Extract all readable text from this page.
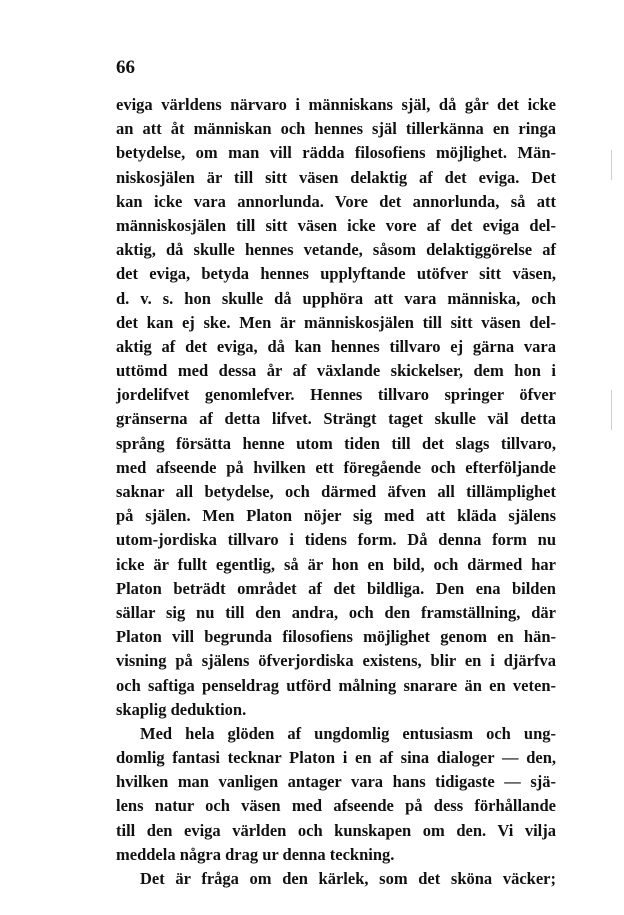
66
eviga världens närvaro i människans själ, då går det icke
an att åt människan och hennes själ tillerkänna en ringa
betydelse, om man vill rädda filosofiens möjlighet. Män-
niskosjälen är till sitt väsen delaktig af det eviga. Det
kan icke vara annorlunda. Vore det annorlunda, så att
människosjälen till sitt väsen icke vore af det eviga del-
aktig, då skulle hennes vetande, såsom delaktiggörelse af
det eviga, betyda hennes upplyftande utöfver sitt väsen,
d. v. s. hon skulle då upphöra att vara människa, och
det kan ej ske. Men är människosjälen till sitt väsen del-
aktig af det eviga, då kan hennes tillvaro ej gärna vara
uttömd med dessa år af växlande skickelser, dem hon i
jordelifvet genomlefver. Hennes tillvaro springer öfver
gränserna af detta lifvet. Strängt taget skulle väl detta
språng försätta henne utom tiden till det slags tillvaro,
med afseende på hvilken ett föregående och efterföljande
saknar all betydelse, och därmed äfven all tillämplighet
på själen. Men Platon nöjer sig med att kläda själens
utom-jordiska tillvaro i tidens form. Då denna form nu
icke är fullt egentlig, så är hon en bild, och därmed har
Platon beträdt området af det bildliga. Den ena bilden
sällar sig nu till den andra, och den framställning, där
Platon vill begrunda filosofiens möjlighet genom en hän-
visning på själens öfverjordiska existens, blir en i djärfva
och saftiga penseldrag utförd målning snarare än en veten-
skaplig deduktion.
Med hela glöden af ungdomlig entusiasm och ung-
domlig fantasi tecknar Platon i en af sina dialoger — den,
hvilken man vanligen antager vara hans tidigaste — sjä-
lens natur och väsen med afseende på dess förhållande
till den eviga världen och kunskapen om den. Vi vilja
meddela några drag ur denna teckning.
Det är fråga om den kärlek, som det sköna väcker;
